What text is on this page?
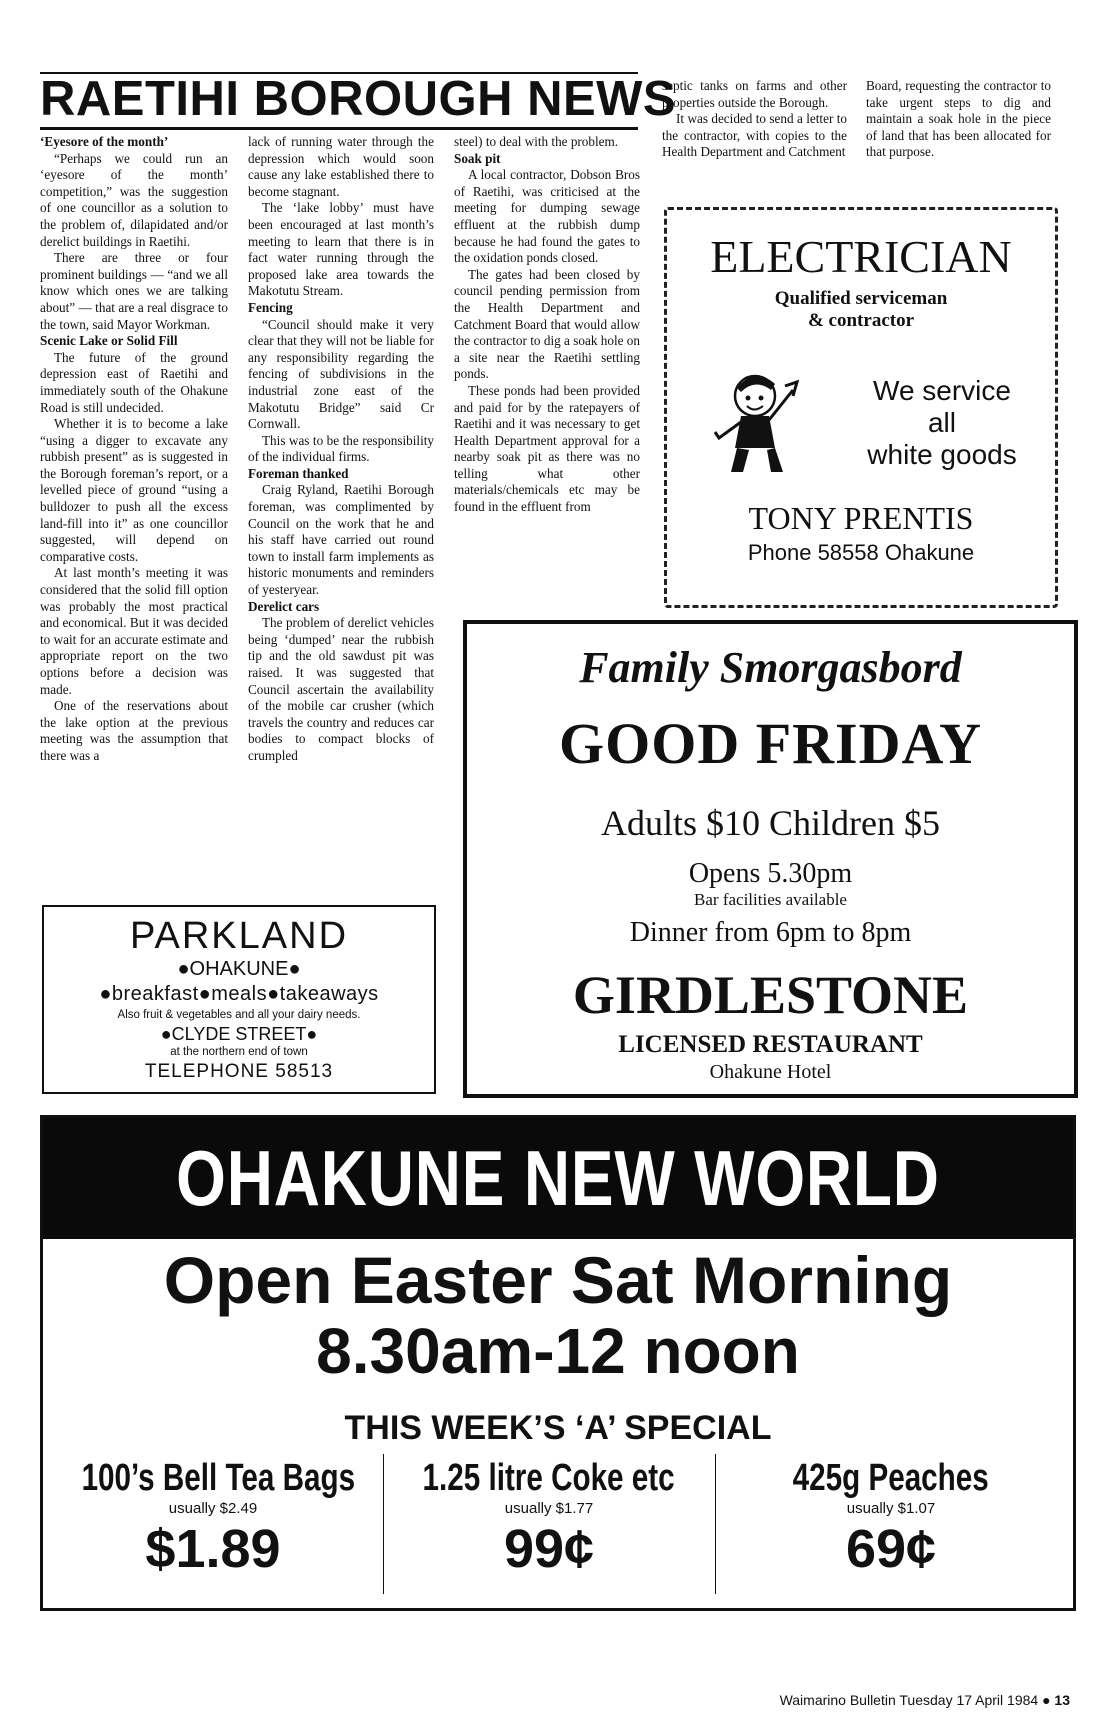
RAETIHI BOROUGH NEWS
‘Eyesore of the month’

“Perhaps we could run an ‘eyesore of the month’ competition,” was the suggestion of one councillor as a solution to the problem of, dilapidated and/or derelict buildings in Raetihi.

There are three or four prominent buildings — “and we all know which ones we are talking about” — that are a real disgrace to the town, said Mayor Workman.

Scenic Lake or Solid Fill

The future of the ground depression east of Raetihi and immediately south of the Ohakune Road is still undecided.

Whether it is to become a lake “using a digger to excavate any rubbish present” as is suggested in the Borough foreman’s report, or a levelled piece of ground “using a bulldozer to push all the excess land-fill into it” as one councillor suggested, will depend on comparative costs.

At last month’s meeting it was considered that the solid fill option was probably the most practical and economical. But it was decided to wait for an accurate estimate and appropriate report on the two options before a decision was made.

One of the reservations about the lake option at the previous meeting was the assumption that there was a

lack of running water through the depression which would soon cause any lake established there to become stagnant.

The ‘lake lobby’ must have been encouraged at last month’s meeting to learn that there is in fact water running through the proposed lake area towards the Makotutu Stream.

Fencing

“Council should make it very clear that they will not be liable for any responsibility regarding the fencing of subdivisions in the industrial zone east of the Makotutu Bridge” said Cr Cornwall.

This was to be the responsibility of the individual firms.

Foreman thanked

Craig Ryland, Raetihi Borough foreman, was complimented by Council on the work that he and his staff have carried out round town to install farm implements as historic monuments and reminders of yesteryear.

Derelict cars

The problem of derelict vehicles being ‘dumped’ near the rubbish tip and the old sawdust pit was raised. It was suggested that Council ascertain the availability of the mobile car crusher (which travels the country and reduces car bodies to compact blocks of crumpled

steel) to deal with the problem.

Soak pit

A local contractor, Dobson Bros of Raetihi, was criticised at the meeting for dumping sewage effluent at the rubbish dump because he had found the gates to the oxidation ponds closed.

The gates had been closed by council pending permission from the Health Department and Catchment Board that would allow the contractor to dig a soak hole on a site near the Raetihi settling ponds.

These ponds had been provided and paid for by the ratepayers of Raetihi and it was necessary to get Health Department approval for a nearby soak pit as there was no telling what other materials/chemicals etc may be found in the effluent from

septic tanks on farms and other properties outside the Borough.

It was decided to send a letter to the contractor, with copies to the Health Department and Catchment

Board, requesting the contractor to take urgent steps to dig and maintain a soak hole in the piece of land that has been allocated for that purpose.

ELECTRICIAN
Qualified serviceman
& contractor
We service
all
white goods
TONY PRENTIS
Phone 58558 Ohakune
Family Smorgasbord
GOOD FRIDAY
Adults $10 Children $5
Opens 5.30pm
Bar facilities available
Dinner from 6pm to 8pm
GIRDLESTONE
LICENSED RESTAURANT
Ohakune Hotel
PARKLAND
●OHAKUNE●
●breakfast●meals●takeaways
Also fruit & vegetables and all your dairy needs.
●CLYDE STREET●
at the northern end of town
TELEPHONE 58513
OHAKUNE NEW WORLD
Open Easter Sat Morning
8.30am-12 noon
THIS WEEK’S ‘A’ SPECIAL
100’s Bell Tea Bags
usually $2.49
$1.89
1.25 litre Coke etc
usually $1.77
99¢
425g Peaches
usually $1.07
69¢
Waimarino Bulletin Tuesday 17 April 1984 ● 13
